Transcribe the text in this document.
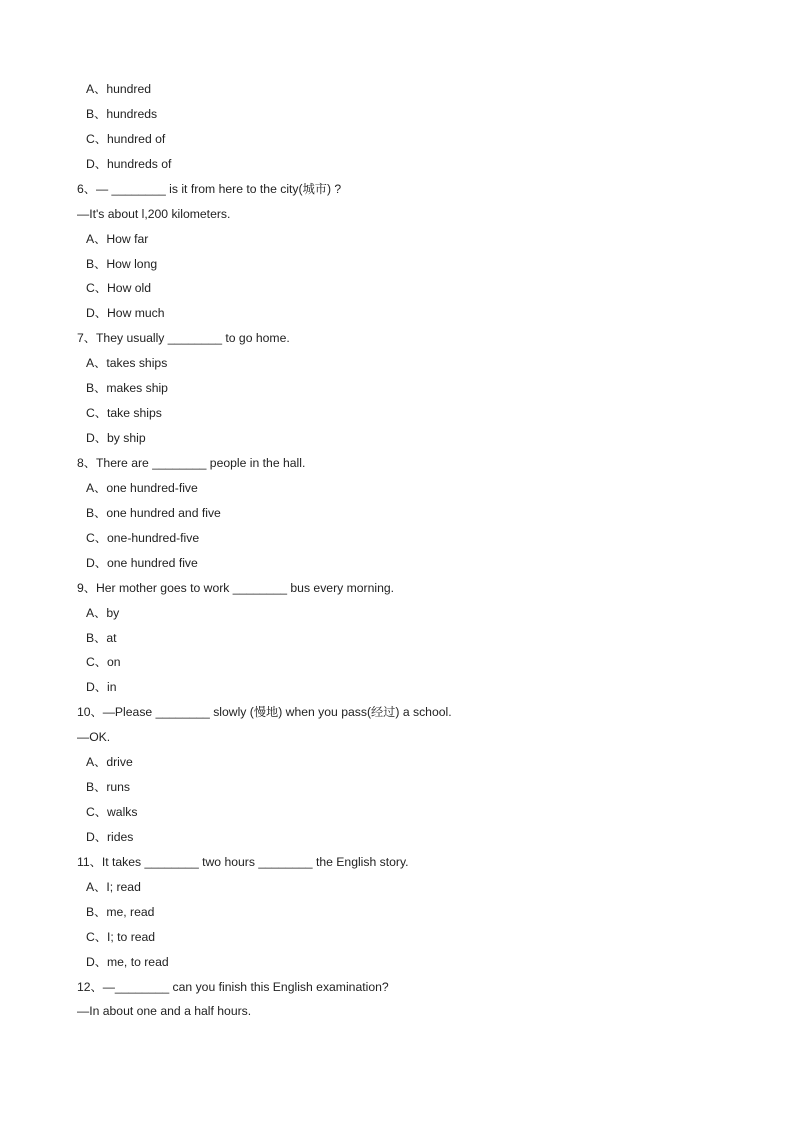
A、hundred
B、hundreds
C、hundred of
D、hundreds of
6、— ________ is it from here to the city(城市) ?
—It's about l,200 kilometers.
A、How far
B、How long
C、How old
D、How much
7、They usually ________ to go home.
A、takes ships
B、makes ship
C、take ships
D、by ship
8、There are ________ people in the hall.
A、one hundred-five
B、one hundred and five
C、one-hundred-five
D、one hundred five
9、Her mother goes to work ________ bus every morning.
A、by
B、at
C、on
D、in
10、—Please ________ slowly (慢地) when you pass(经过) a school.
—OK.
A、drive
B、runs
C、walks
D、rides
11、It takes ________ two hours ________ the English story.
A、I; read
B、me, read
C、I; to read
D、me, to read
12、—________ can you finish this English examination?
—In about one and a half hours.
